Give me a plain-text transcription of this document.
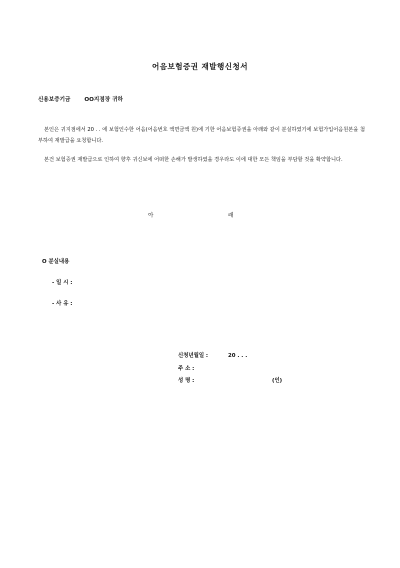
어음보험증권 재발행신청서
신용보증기금	OO지점장 귀하
본인은 귀지점에서 20 . . 에 보험인수한 어음(어음번호 액면금액 원)에 기한 어음보험증권을 아래와 같이 분실하였기에 보험가입어음원본을 첨부하여 재발급을 요청합니다.
본건 보험증권 재발급으로 인하여 향후 귀신보에 어떠한 손해가 발생하였을 경우라도 이에 대한 모든 책임을 부담할 것을 확약합니다.
아	래
O 분실내용
- 일 시 :
- 사 유 :
신청년월일 :	20 . . .
주 소 :
성 명 :	(인)
